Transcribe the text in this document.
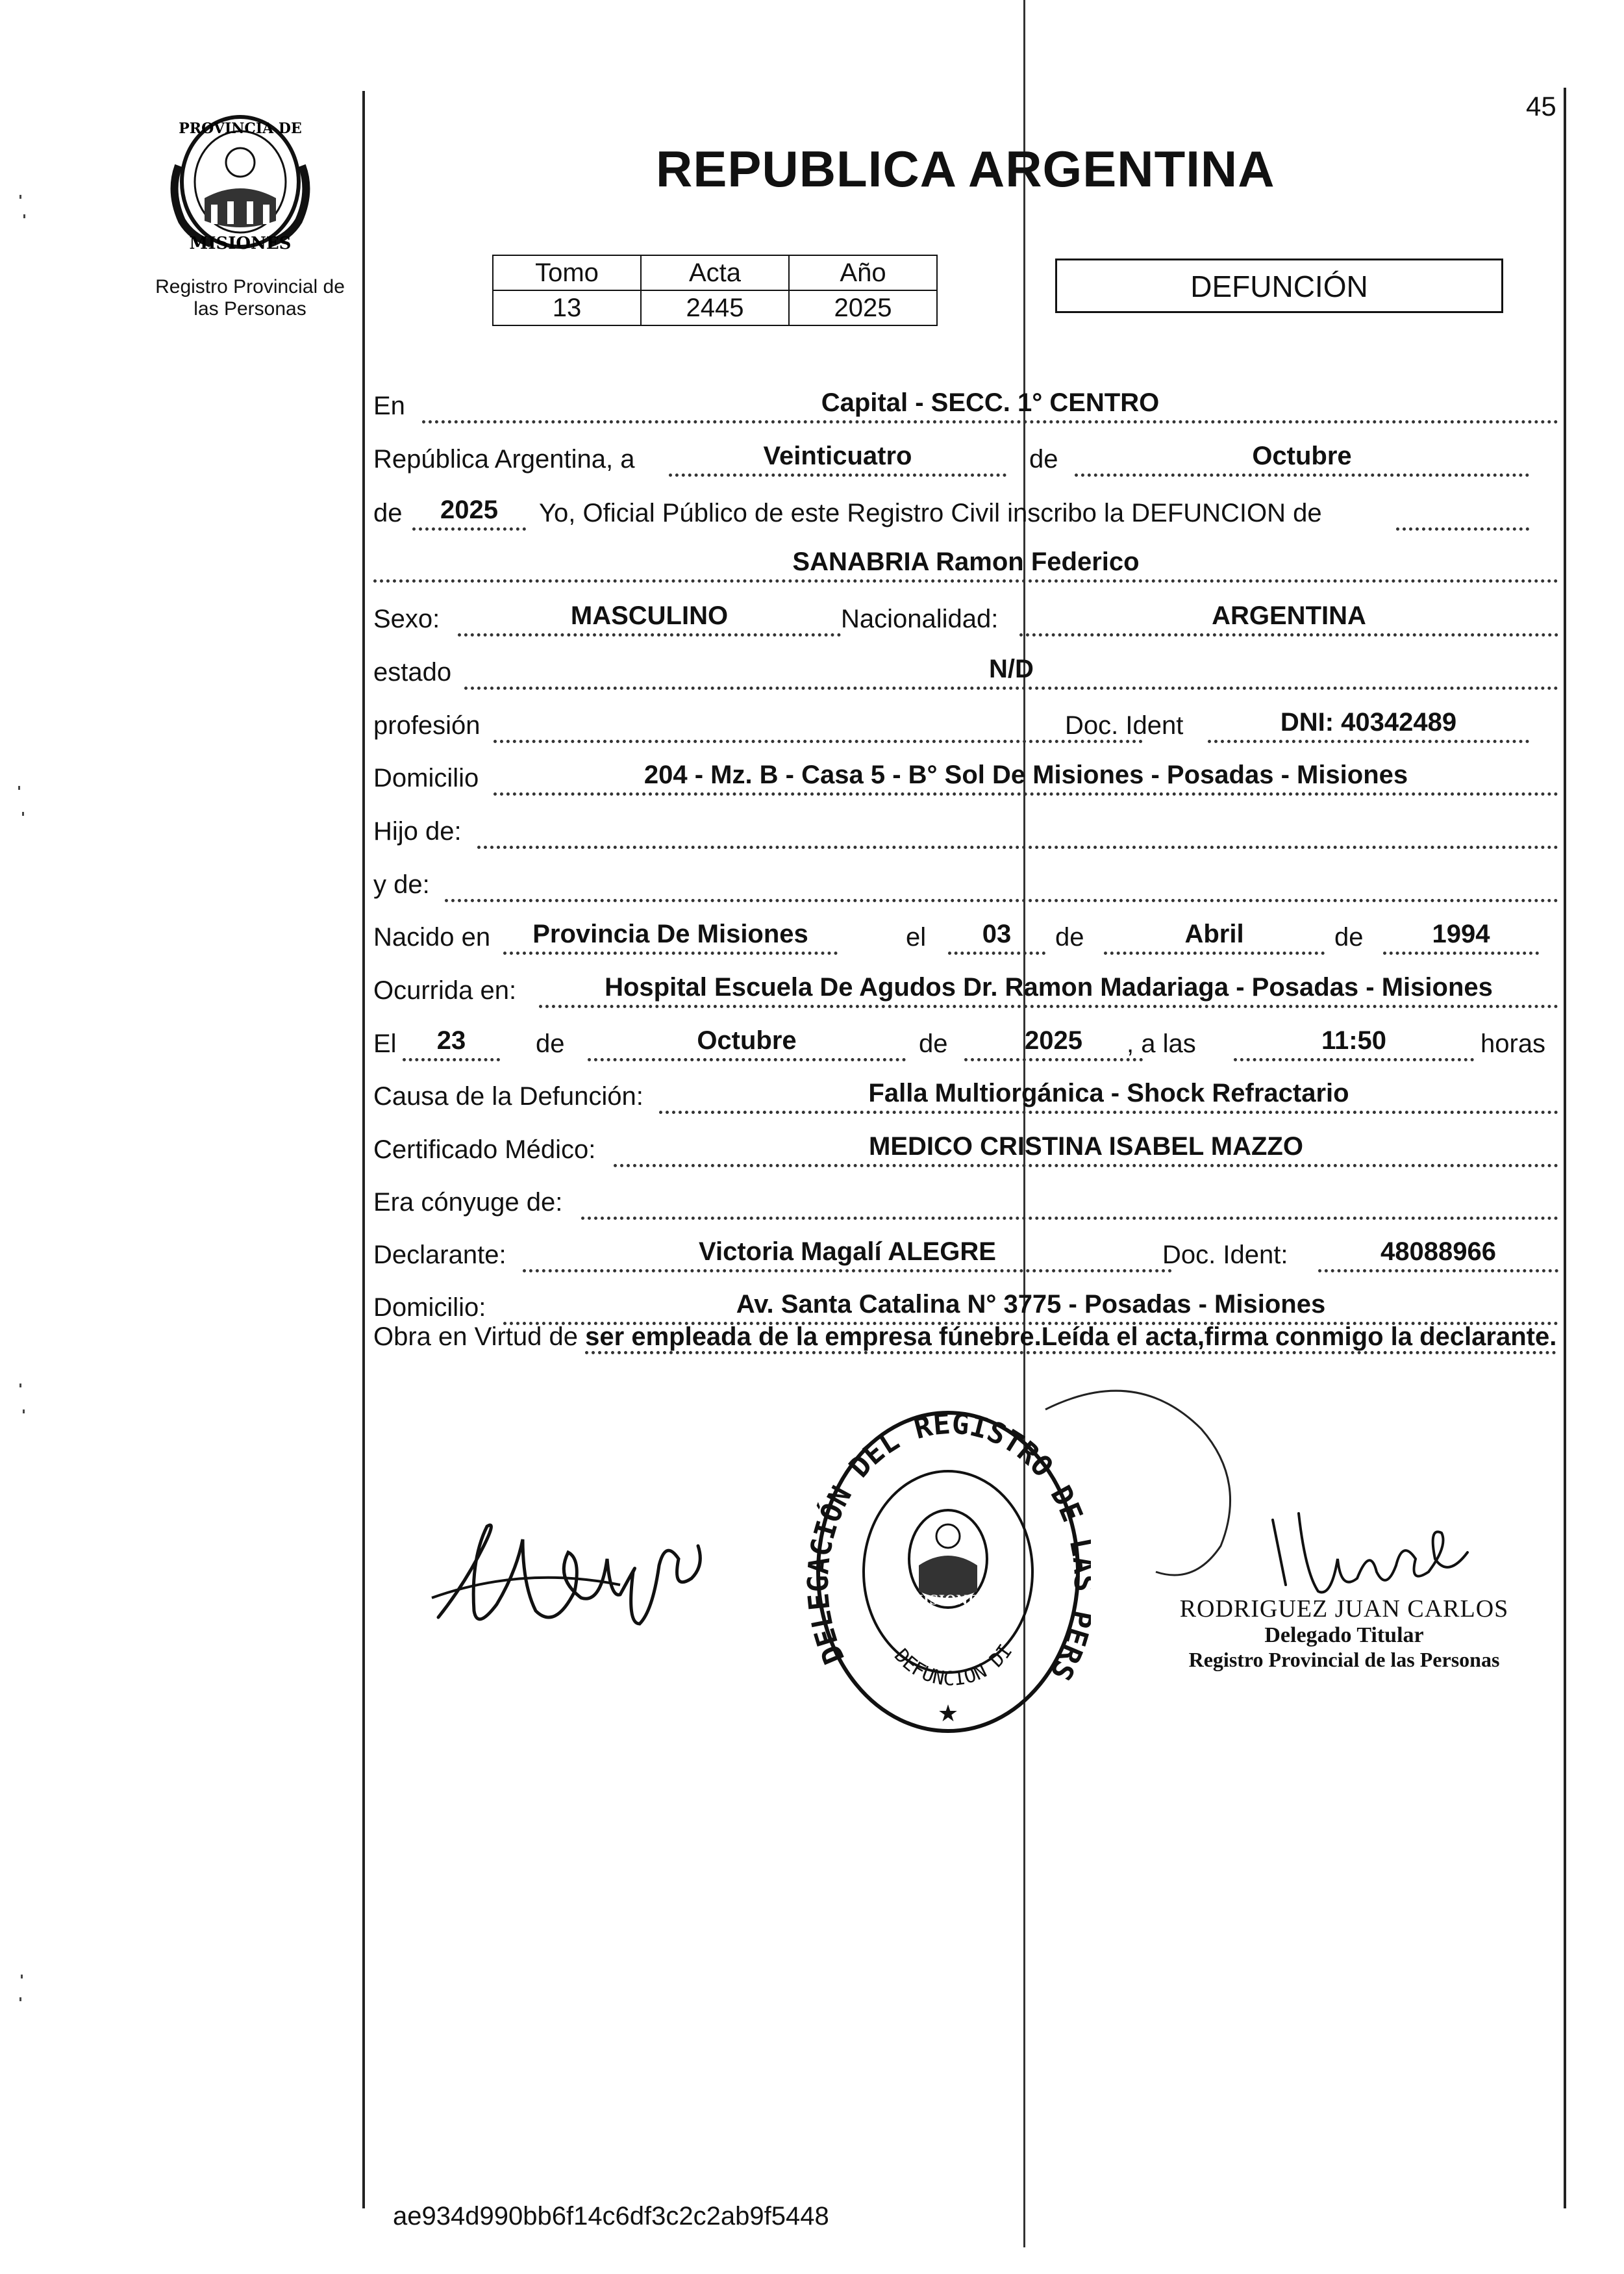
45
PROVINCIA DE
MISIONES
Registro Provincial de las Personas
REPUBLICA ARGENTINA
Tomo	Acta	Año
13	2445	2025
DEFUNCIÓN
En	Capital - SECC. 1° CENTRO
República Argentina, a	Veinticuatro	de	Octubre
de	2025	Yo, Oficial Público de este Registro Civil inscribo la DEFUNCION de
SANABRIA Ramon Federico
Sexo:	MASCULINO	Nacionalidad:	ARGENTINA
estado	N/D
profesión	Doc. Ident	DNI: 40342489
Domicilio	204 - Mz. B - Casa 5 - B° Sol De Misiones - Posadas - Misiones
Hijo de:
y de:
Nacido en	Provincia De Misiones	el	03	de	Abril	de	1994
Ocurrida en:	Hospital Escuela De Agudos Dr. Ramon Madariaga - Posadas - Misiones
El	23	de	Octubre	de	2025	, a las	11:50	horas
Causa de la Defunción:	Falla Multiorgánica - Shock Refractario
Certificado Médico:	MEDICO CRISTINA ISABEL MAZZO
Era cónyuge de:
Declarante:	Victoria Magalí ALEGRE	Doc. Ident:	48088966
Domicilio:	Av. Santa Catalina N° 3775 - Posadas - Misiones
Obra en Virtud de ser empleada de la empresa fúnebre.Leída el acta,firma conmigo la declarante.
DELEGACIÓN DEL REGISTRO DE ERS
DEFUNCION DI
MISIONES
★
RODRIGUEZ JUAN CARLOS
Delegado Titular
Registro Provincial de las Personas
ae934d990bb6f14c6df3c2c2ab9f5448
